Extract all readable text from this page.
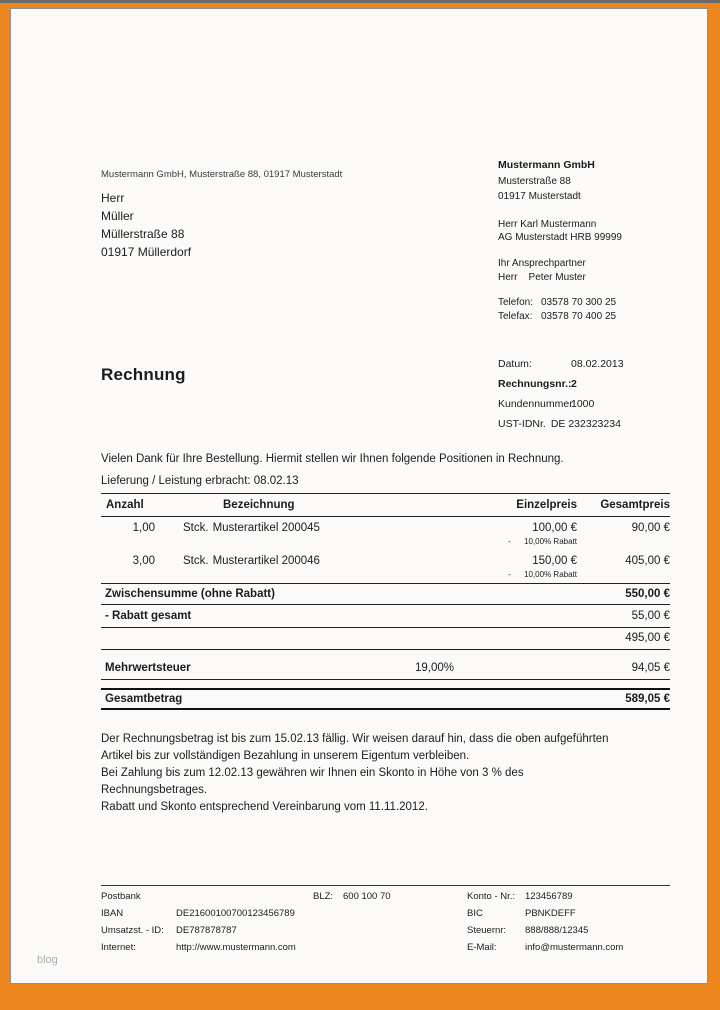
Mustermann GmbH, Musterstraße 88, 01917 Musterstadt
Herr
Müller
Müllerstraße 88
01917 Müllerdorf
Mustermann GmbH
Musterstraße 88
01917 Musterstadt
Herr Karl Mustermann
AG Musterstadt HRB 99999
Ihr Ansprechpartner
Herr    Peter Muster
Telefon: 03578 70 300 25
Telefax: 03578 70 400 25
Rechnung
Datum:	08.02.2013
Rechnungsnr.: 2
Kundennummer:
1000
UST-IDNr. DE 232323234
Vielen Dank für Ihre Bestellung. Hiermit stellen wir Ihnen folgende Positionen in Rechnung.
Lieferung / Leistung erbracht: 08.02.13
Anzahl	Bezeichnung	Einzelpreis Gesamtpreis
1,00 Stck. Musterartikel 200045	100,00 €	90,00 €
-      10,00% Rabatt
3,00 Stck. Musterartikel 200046	150,00 €	405,00 €
-      10,00% Rabatt
Zwischensumme (ohne Rabatt)	550,00 €
- Rabatt gesamt	55,00 €
495,00 €
Mehrwertsteuer	19,00%	94,05 €
Gesamtbetrag	589,05 €
Der Rechnungsbetrag ist bis zum 15.02.13 fällig. Wir weisen darauf hin, dass die oben aufgeführten Artikel bis zur vollständigen Bezahlung in unserem Eigentum verbleiben.
Bei Zahlung bis zum 12.02.13 gewähren wir Ihnen ein Skonto in Höhe von 3 % des Rechnungsbetrages.
Rabatt und Skonto entsprechend Vereinbarung vom 11.11.2012.
Postbank	BLZ: 600 100 70	Konto - Nr.: 123456789
IBAN	DE21600100700123456789	BIC	PBNKDEFF
Umsatzst. - ID: DE787878787	Steuernr: 888/888/12345
Internet:	http://www.mustermann.com	E-Mail:	info@mustermann.com
blog
